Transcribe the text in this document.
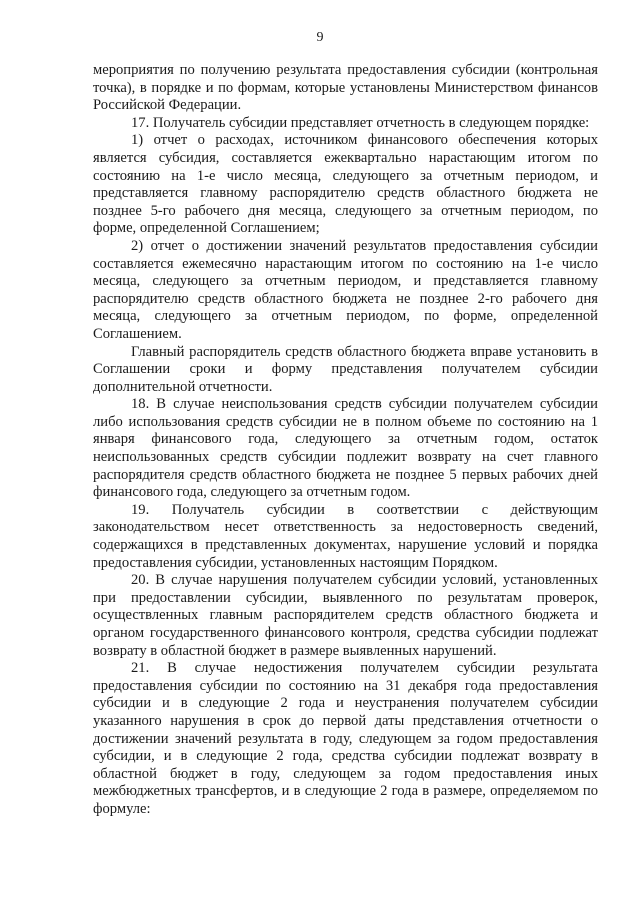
9

мероприятия по получению результата предоставления субсидии (контрольная точка), в порядке и по формам, которые установлены Министерством финансов Российской Федерации.

17. Получатель субсидии представляет отчетность в следующем порядке:

1) отчет о расходах, источником финансового обеспечения которых является субсидия, составляется ежеквартально нарастающим итогом по состоянию на 1-е число месяца, следующего за отчетным периодом, и представляется главному распорядителю средств областного бюджета не позднее 5-го рабочего дня месяца, следующего за отчетным периодом, по форме, определенной Соглашением;

2) отчет о достижении значений результатов предоставления субсидии составляется ежемесячно нарастающим итогом по состоянию на 1-е число месяца, следующего за отчетным периодом, и представляется главному распорядителю средств областного бюджета не позднее 2-го рабочего дня месяца, следующего за отчетным периодом, по форме, определенной Соглашением.

Главный распорядитель средств областного бюджета вправе установить в Соглашении сроки и форму представления получателем субсидии дополнительной отчетности.

18. В случае неиспользования средств субсидии получателем субсидии либо использования средств субсидии не в полном объеме по состоянию на 1 января финансового года, следующего за отчетным годом, остаток неиспользованных средств субсидии подлежит возврату на счет главного распорядителя средств областного бюджета не позднее 5 первых рабочих дней финансового года, следующего за отчетным годом.

19. Получатель субсидии в соответствии с действующим законодательством несет ответственность за недостоверность сведений, содержащихся в представленных документах, нарушение условий и порядка предоставления субсидии, установленных настоящим Порядком.

20. В случае нарушения получателем субсидии условий, установленных при предоставлении субсидии, выявленного по результатам проверок, осуществленных главным распорядителем средств областного бюджета и органом государственного финансового контроля, средства субсидии подлежат возврату в областной бюджет в размере выявленных нарушений.

21. В случае недостижения получателем субсидии результата предоставления субсидии по состоянию на 31 декабря года предоставления субсидии и в следующие 2 года и неустранения получателем субсидии указанного нарушения в срок до первой даты представления отчетности о достижении значений результата в году, следующем за годом предоставления субсидии, и в следующие 2 года, средства субсидии подлежат возврату в областной бюджет в году, следующем за годом предоставления иных межбюджетных трансфертов, и в следующие 2 года в размере, определяемом по формуле:
